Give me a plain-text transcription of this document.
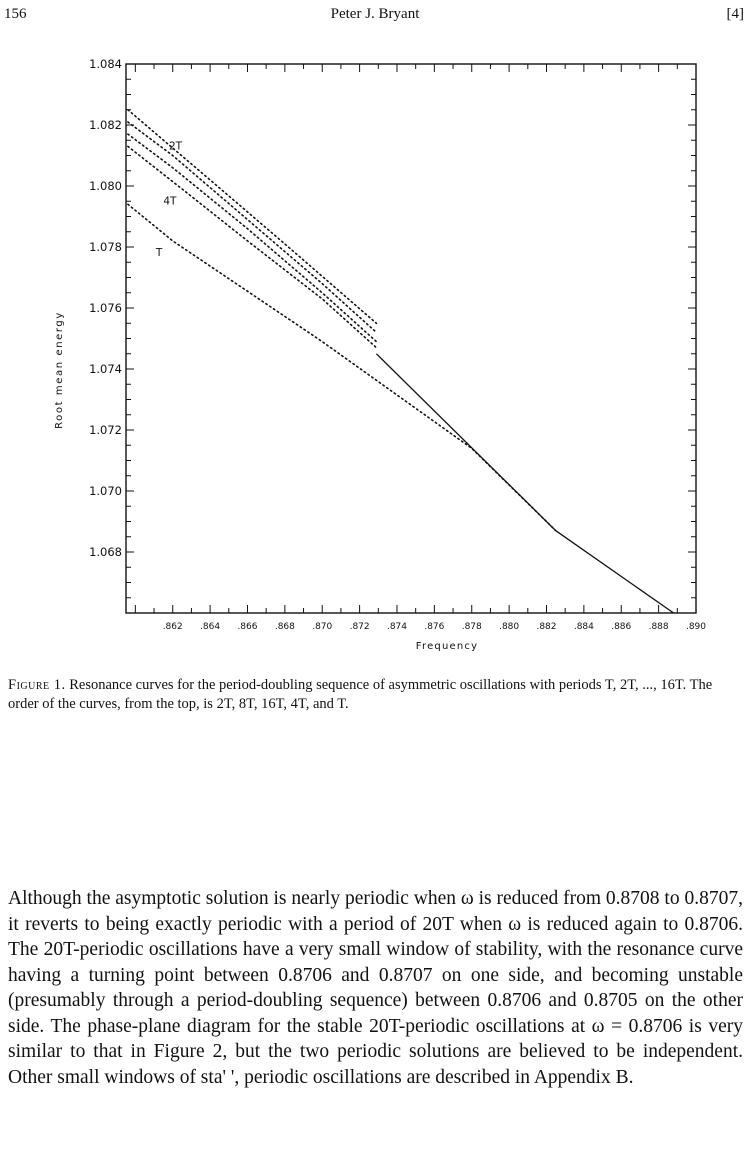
156	Peter J. Bryant	[4]
.862 .864 .866 .868 .870 .872 .874 .876 .878 .880 .882 .884 .886 .888 .890
1.068
1.070
1.072
1.074
1.076
1.078
1.080
1.082
1.084
Frequency
Root mean energy
2T
4T
T
Figure 1. Resonance curves for the period-doubling sequence of asymmetric oscillations with periods T, 2T, ..., 16T. The order of the curves, from the top, is 2T, 8T, 16T, 4T, and T.

Although the asymptotic solution is nearly periodic when ω is reduced from 0.8708 to 0.8707, it reverts to being exactly periodic with a period of 20T when ω is reduced again to 0.8706. The 20T-periodic oscillations have a very small window of stability, with the resonance curve having a turning point between 0.8706 and 0.8707 on one side, and becoming unstable (presumably through a period-doubling sequence) between 0.8706 and 0.8705 on the other side. The phase-plane diagram for the stable 20T-periodic oscillations at ω = 0.8706 is very similar to that in Figure 2, but the two periodic solutions are believed to be independent. Other small windows of sta' ', periodic oscillations are described in Appendix B.
